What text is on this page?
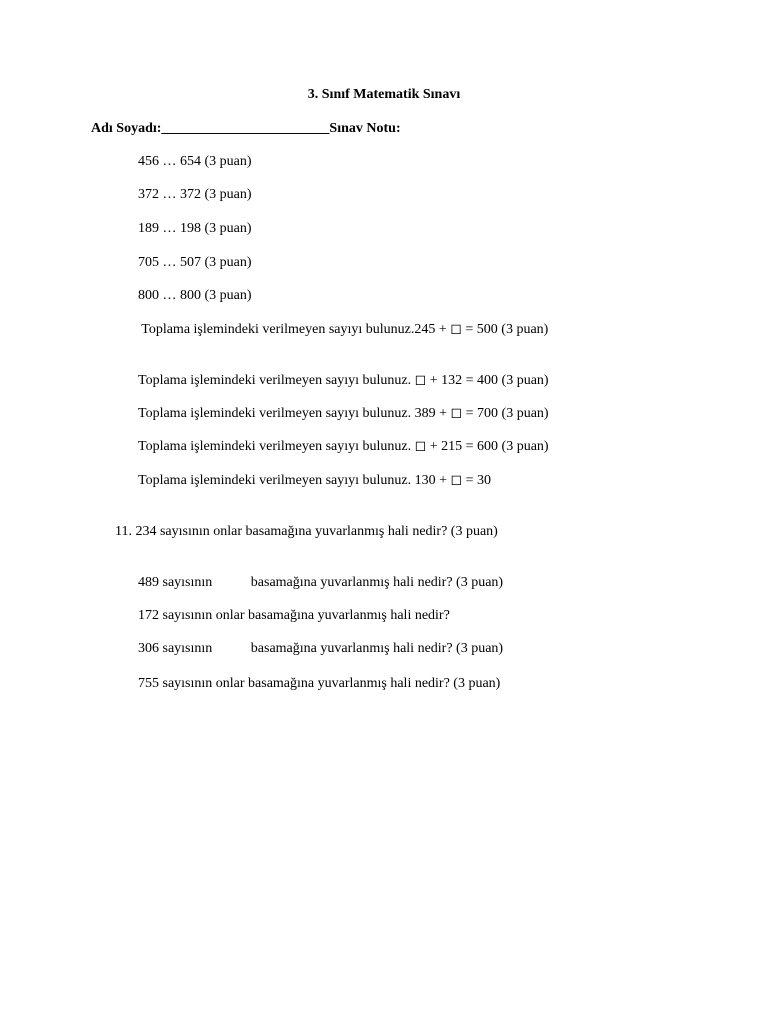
3. Sınıf Matematik Sınavı
Adı Soyadı:________________________Sınav Notu:
456 … 654 (3 puan)
372 … 372 (3 puan)
189 … 198 (3 puan)
705 … 507 (3 puan)
800 … 800 (3 puan)
Toplama işlemindeki verilmeyen sayıyı bulunuz.245 + ◻ = 500 (3 puan)
Toplama işlemindeki verilmeyen sayıyı bulunuz. ◻ + 132 = 400 (3 puan)
Toplama işlemindeki verilmeyen sayıyı bulunuz. 389 + ◻ = 700 (3 puan)
Toplama işlemindeki verilmeyen sayıyı bulunuz. ◻ + 215 = 600 (3 puan)
Toplama işlemindeki verilmeyen sayıyı bulunuz. 130 + ◻ = 30
11. 234 sayısının onlar basamağına yuvarlanmış hali nedir? (3 puan)
489 sayısının           basamağına yuvarlanmış hali nedir? (3 puan)
172 sayısının onlar basamağına yuvarlanmış hali nedir?
306 sayısının           basamağına yuvarlanmış hali nedir? (3 puan)
755 sayısının onlar basamağına yuvarlanmış hali nedir? (3 puan)
